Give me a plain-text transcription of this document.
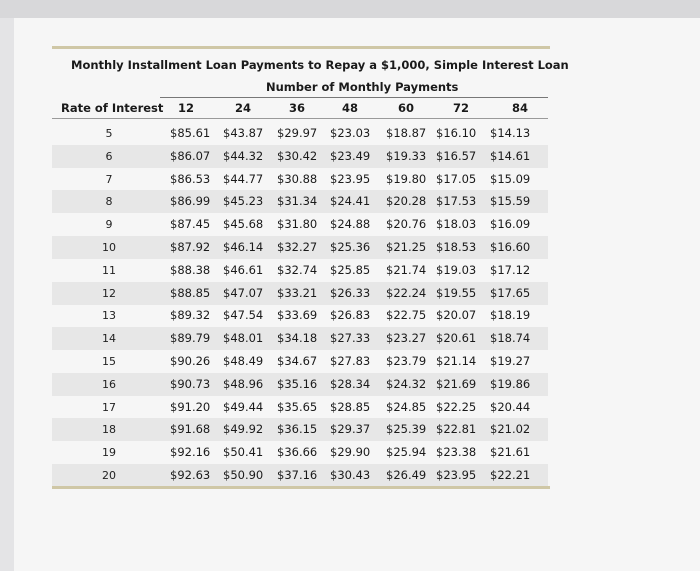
Monthly Installment Loan Payments to Repay a $1,000, Simple Interest Loan
Number of Monthly Payments
Rate of Interest 12	24	36	48	60	72	84
5	$85.61 $43.87 $29.97 $23.03 $18.87 $16.10 $14.13
6	$86.07 $44.32 $30.42 $23.49 $19.33 $16.57 $14.61
7	$86.53 $44.77 $30.88 $23.95 $19.80 $17.05 $15.09
8	$86.99 $45.23 $31.34 $24.41 $20.28 $17.53 $15.59
9	$87.45 $45.68 $31.80 $24.88 $20.76 $18.03 $16.09
10	$87.92 $46.14 $32.27 $25.36 $21.25 $18.53 $16.60
11	$88.38 $46.61 $32.74 $25.85 $21.74 $19.03 $17.12
12	$88.85 $47.07 $33.21 $26.33 $22.24 $19.55 $17.65
13	$89.32 $47.54 $33.69 $26.83 $22.75 $20.07 $18.19
14	$89.79 $48.01 $34.18 $27.33 $23.27 $20.61 $18.74
15	$90.26 $48.49 $34.67 $27.83 $23.79 $21.14 $19.27
16	$90.73 $48.96 $35.16 $28.34 $24.32 $21.69 $19.86
17	$91.20 $49.44 $35.65 $28.85 $24.85 $22.25 $20.44
18	$91.68 $49.92 $36.15 $29.37 $25.39 $22.81 $21.02
19	$92.16 $50.41 $36.66 $29.90 $25.94 $23.38 $21.61
20	$92.63 $50.90 $37.16 $30.43 $26.49 $23.95 $22.21
